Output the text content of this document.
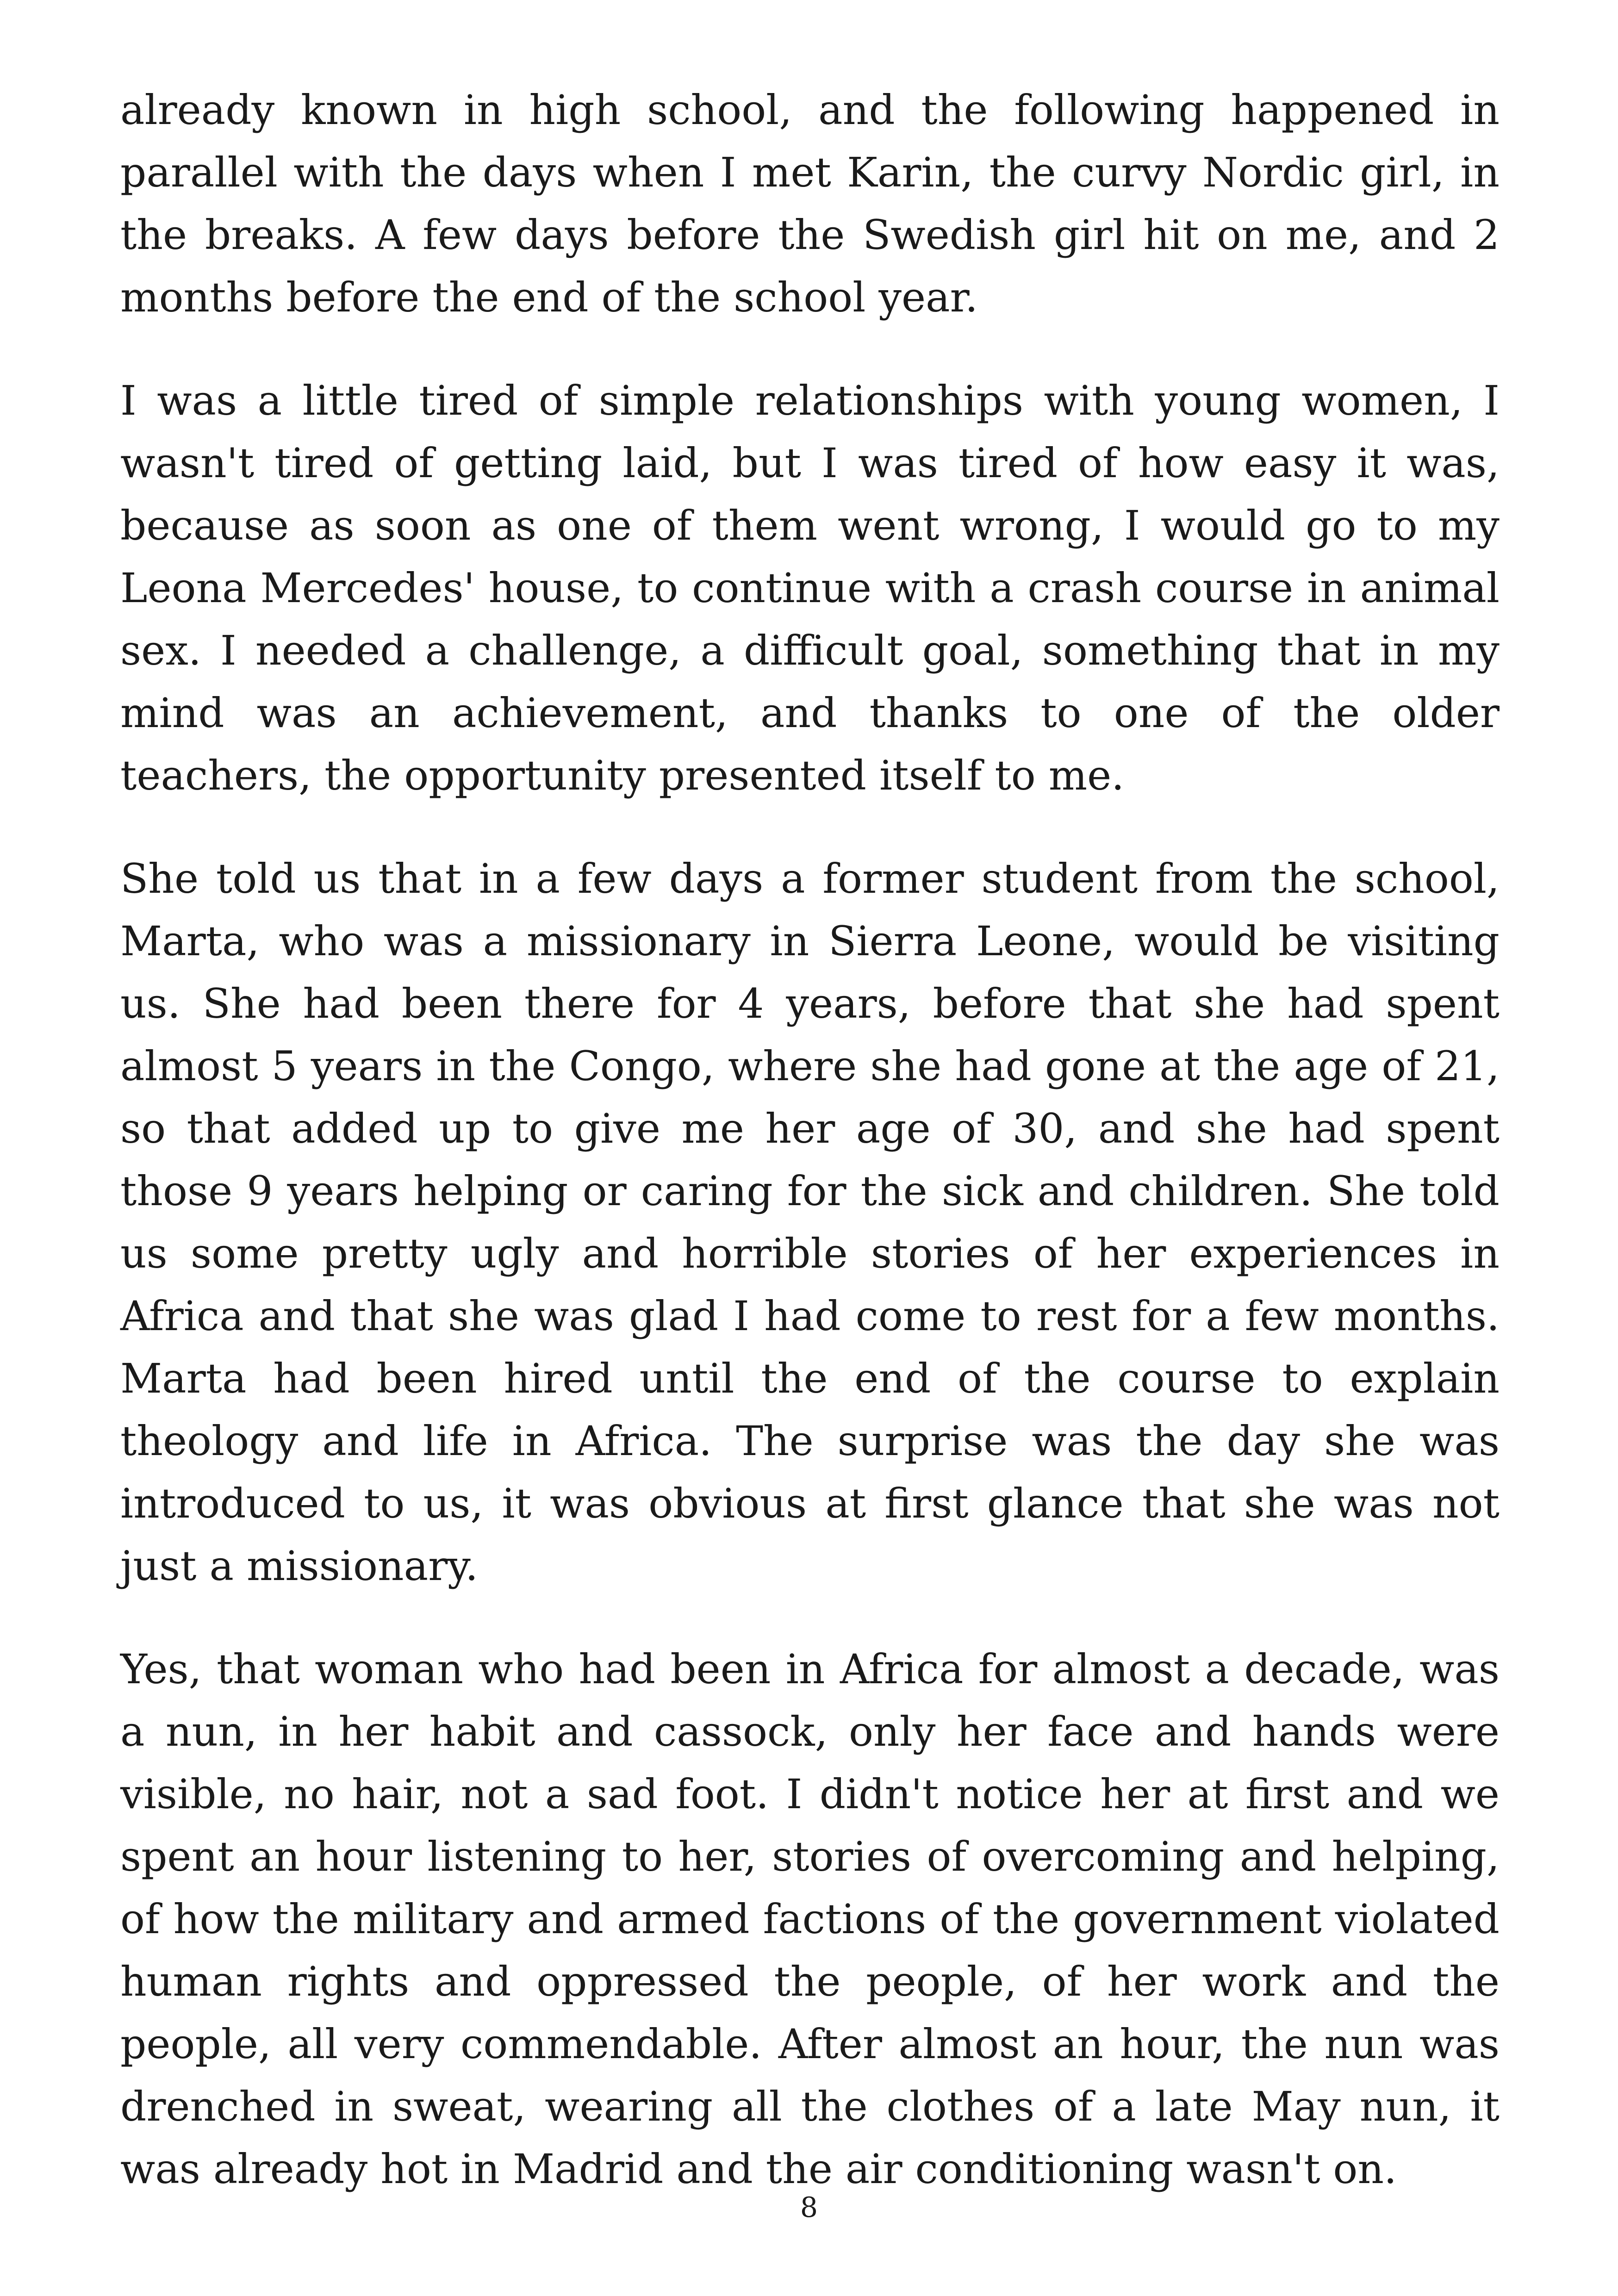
already known in high school, and the following happened in parallel with the days when I met Karin, the curvy Nordic girl, in the breaks. A few days before the Swedish girl hit on me, and 2 months before the end of the school year.

I was a little tired of simple relationships with young women, I wasn't tired of getting laid, but I was tired of how easy it was, because as soon as one of them went wrong, I would go to my Leona Mercedes' house, to continue with a crash course in animal sex. I needed a challenge, a difficult goal, something that in my mind was an achievement, and thanks to one of the older teachers, the opportunity presented itself to me.

She told us that in a few days a former student from the school, Marta, who was a missionary in Sierra Leone, would be visiting us. She had been there for 4 years, before that she had spent almost 5 years in the Congo, where she had gone at the age of 21, so that added up to give me her age of 30, and she had spent those 9 years helping or caring for the sick and children. She told us some pretty ugly and horrible stories of her experiences in Africa and that she was glad I had come to rest for a few months. Marta had been hired until the end of the course to explain theology and life in Africa. The surprise was the day she was introduced to us, it was obvious at first glance that she was not just a missionary.

Yes, that woman who had been in Africa for almost a decade, was a nun, in her habit and cassock, only her face and hands were visible, no hair, not a sad foot. I didn't notice her at first and we spent an hour listening to her, stories of overcoming and helping, of how the military and armed factions of the government violated human rights and oppressed the people, of her work and the people, all very commendable. After almost an hour, the nun was drenched in sweat, wearing all the clothes of a late May nun, it was already hot in Madrid and the air conditioning wasn't on.

8
